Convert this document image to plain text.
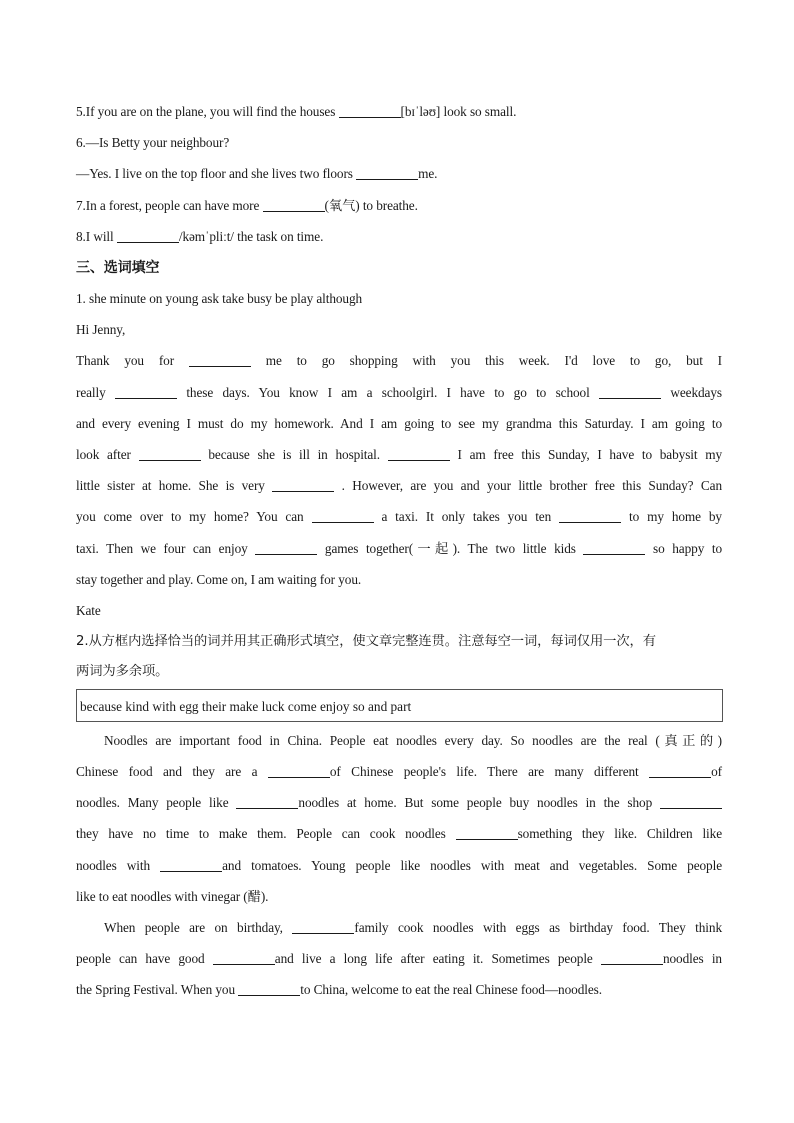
5.If you are on the plane, you will find the houses	[bɪˈləʊ] look so small.
6.—Is Betty your neighbour?
—Yes. I live on the top floor and she lives two floors	me.
7.In a forest, people can have more	(氧气) to breathe.
8.I will	/kəmˈpliːt/ the task on time.
三、选词填空
1. she minute on young ask take busy be play although
Hi Jenny,
Thank you for	me to go shopping with you this week. I'd love to go, but I
really	these days. You know I am a schoolgirl. I have to go to school	weekdays
and every evening I must do my homework. And I am going to see my grandma this Saturday. I am going to
look after	because she is ill in hospital.	I am free this Sunday, I have to babysit my
little sister at home. She is very	. However, are you and your little brother free this Sunday? Can
you come over to my home? You can	a taxi. It only takes you ten	to my home by
taxi. Then we four can enjoy	games together(一起). The two little kids	so happy to
stay together and play. Come on, I am waiting for you.
Kate
2.从方框内选择恰当的词并用其正确形式填空，使文章完整连贯。注意每空一词，每词仅用一次，有
两词为多余项。
because kind with egg their make luck come enjoy so and part
Noodles are important food in China. People eat noodles every day. So noodles are the real (真正的)
Chinese food and they are a	of Chinese people's life. There are many different	of
noodles. Many people like	noodles at home. But some people buy noodles in the shop
they have no time to make them. People can cook noodles	something they like. Children like
noodles with	and tomatoes. Young people like noodles with meat and vegetables. Some people
like to eat noodles with vinegar (醋).
When people are on birthday,	family cook noodles with eggs as birthday food. They think
people can have good	and live a long life after eating it. Sometimes people	noodles in
the Spring Festival. When you	to China, welcome to eat the real Chinese food—noodles.
